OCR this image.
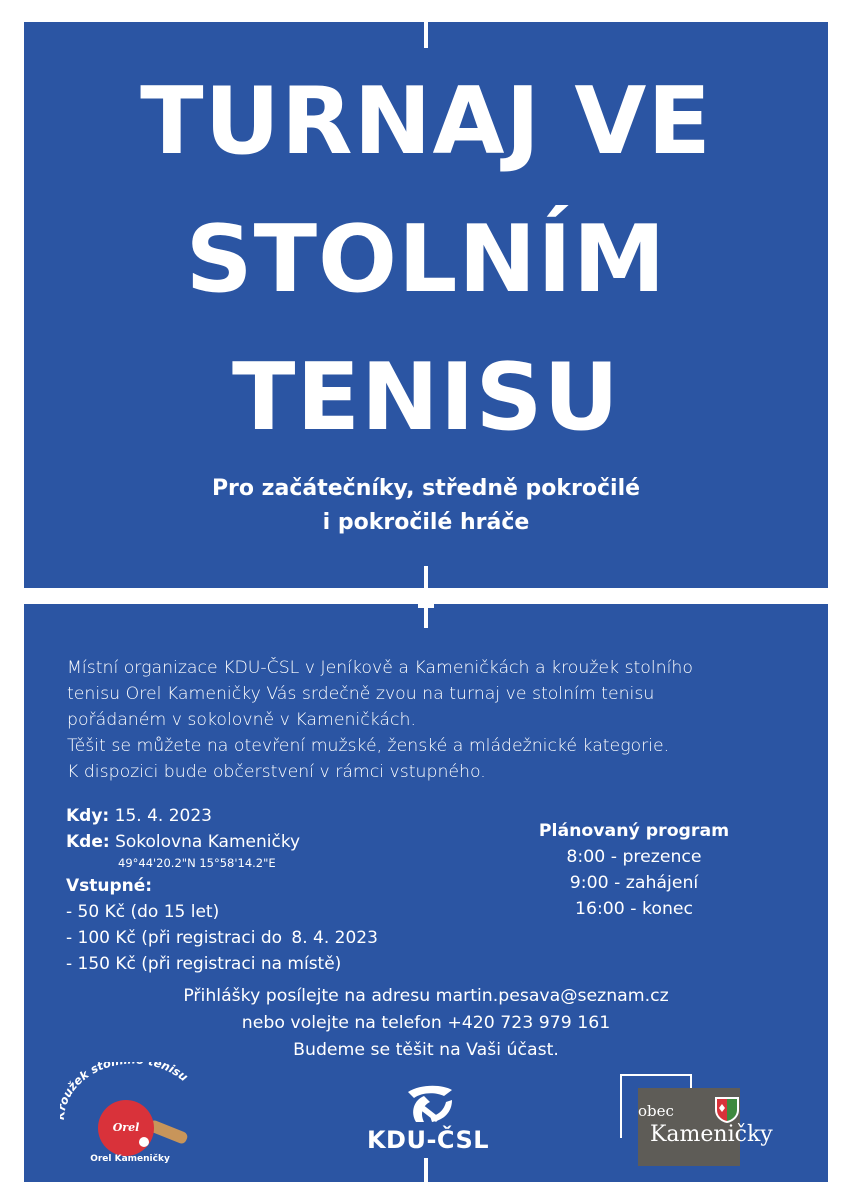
TURNAJ VE
STOLNÍM
TENISU
Pro začátečníky, středně pokročilé
i pokročilé hráče
Místní organizace KDU-ČSL v Jeníkově a Kameničkách a kroužek stolního
tenisu Orel Kameničky Vás srdečně zvou na turnaj ve stolním tenisu
pořádaném v sokolovně v Kameničkách.
Těšit se můžete na otevření mužské, ženské a mládežnické kategorie.
K dispozici bude občerstvení v rámci vstupného.
Kdy: 15. 4. 2023
Kde: Sokolovna Kameničky
49°44'20.2"N 15°58'14.2"E
Vstupné:
- 50 Kč (do 15 let)
- 100 Kč (při registraci do 8. 4. 2023
- 150 Kč (při registraci na místě)
Plánovaný program
8:00 - prezence
9:00 - zahájení
16:00 - konec
Přihlášky posílejte na adresu martin.pesava@seznam.cz
nebo volejte na telefon +420 723 979 161
Budeme se těšit na Vaši účast.
užek sto enisu
Orel
Orel Kameničky
KDU-ČSL
obec
Kameničky
